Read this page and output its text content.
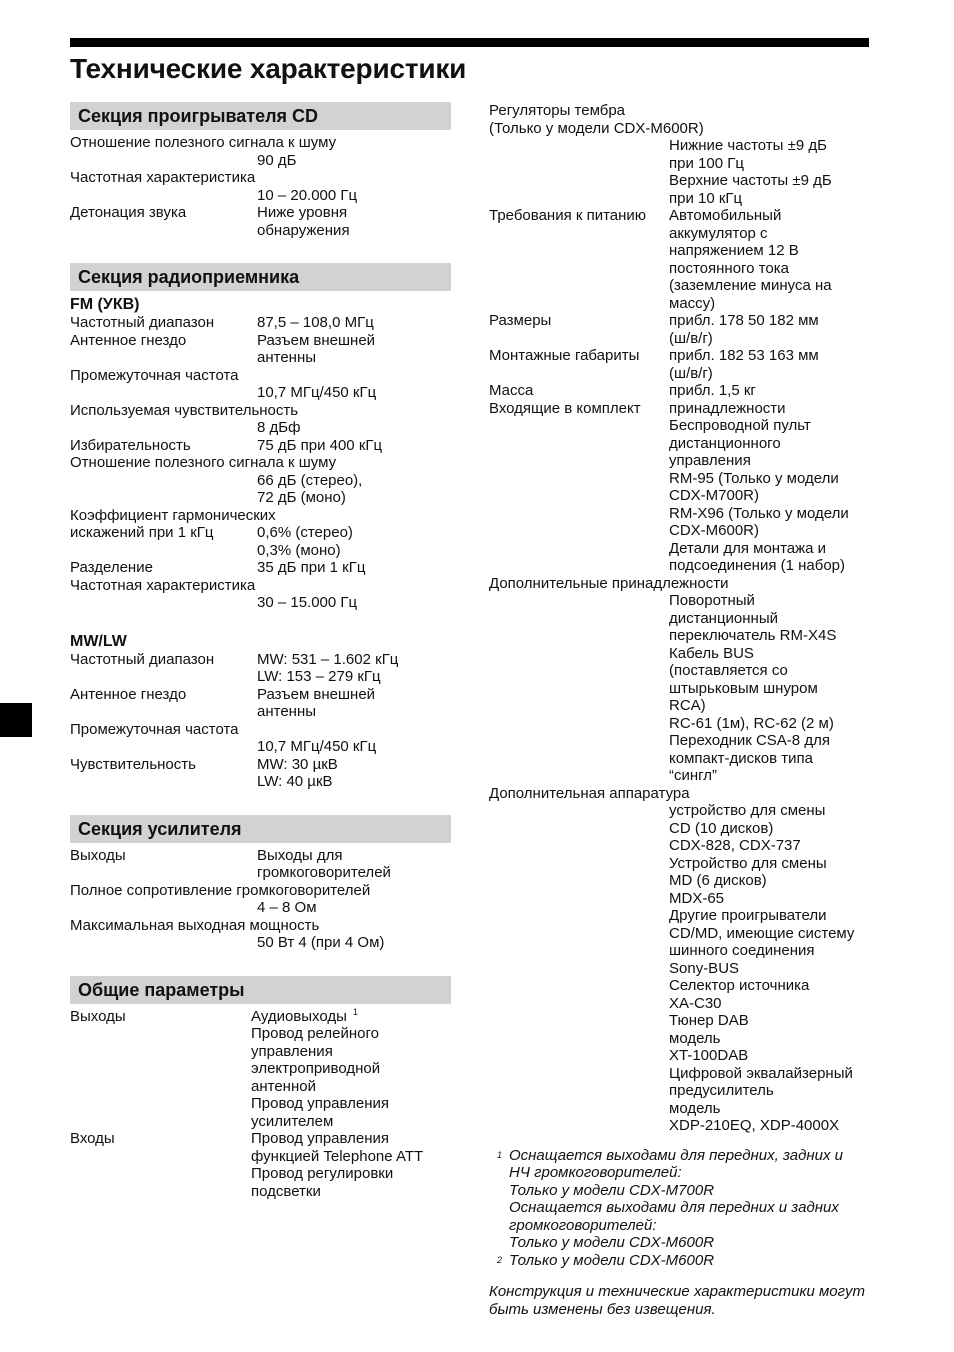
Технические характеристики
Секция проигрывателя CD
Отношение полезного сигнала к шуму
90 дБ
Частотная характеристика
10 – 20.000 Гц
Детонация звука	Ниже уровня
обнаружения
Секция радиоприемника
FM (УКВ)
Частотный диапазон	87,5 – 108,0 МГц
Антенное гнездо	Разъем внешней
антенны
Промежуточная частота
10,7 МГц/450 кГц
Используемая чувствительность
8 дБф
Избирательность	75 дБ при 400 кГц
Отношение полезного сигнала к шуму
66 дБ (стерео),
72 дБ (моно)
Коэффициент гармонических
искажений при 1 кГц	0,6% (стерео)
0,3% (моно)
Разделение	35 дБ при 1 кГц
Частотная характеристика
30 – 15.000 Гц
MW/LW
Частотный диапазон	MW: 531 – 1.602 кГц
LW: 153 – 279 кГц
Антенное гнездо	Разъем внешней
антенны
Промежуточная частота
10,7 МГц/450 кГц
Чувствительность	MW: 30 µкВ
LW: 40 µкВ
Секция усилителя
Выходы	Выходы для
громкоговорителей
Полное сопротивление громкоговорителей
4 – 8 Ом
Максимальная выходная мощность
50 Вт 4 (при 4 Ом)
Общие параметры
Выходы	Аудиовыходы $^1$
Провод релейного
управления
электроприводной
антенной
Провод управления
усилителем
Входы	Провод управления
функцией Telephone ATT
Провод регулировки
подсветки
Регуляторы тембра
(Только у модели CDX-M600R)
Нижние частоты ±9 дБ
при 100 Гц
Верхние частоты ±9 дБ
при 10 кГц
Требования к питанию	Автомобильный
аккумулятор с
напряжением 12 В
постоянного тока
(заземление минуса на
массу)
Размеры	прибл. 178 50 182 мм
(ш/в/г)
Монтажные габариты	прибл. 182 53 163 мм
(ш/в/г)
Масса	прибл. 1,5 кг
Входящие в комплект	принадлежности
Беспроводной пульт
дистанционного
управления
RM-95 (Только у модели
CDX-M700R)
RM-X96 (Только у модели
CDX-M600R)
Детали для монтажа и
подсоединения (1 набор)
Дополнительные принадлежности
Поворотный
дистанционный
переключатель RM-X4S
Кабель BUS
(поставляется со
штырьковым шнуром
RCA)
RC-61 (1м), RC-62 (2 м)
Переходник CSA-8 для
компакт-дисков типа
“сингл”
Дополнительная аппаратура
устройство для смены
CD (10 дисков)
CDX-828, CDX-737
Устройство для смены
MD (6 дисков)
MDX-65
Другие проигрыватели
CD/MD, имеющие систему
шинного соединения
Sony-BUS
Селектор источника
XA-C30
Тюнер DAB
модель
XT-100DAB
Цифровой эквалайзерный
предусилитель
модель
XDP-210EQ, XDP-4000X
1 Оснащается выходами для передних, задних и
НЧ громкоговорителей:
Только у модели CDX-M700R
Оснащается выходами для передних и задних
громкоговорителей:
Только у модели CDX-M600R
2 Только у модели CDX-M600R
Конструкция и технические характеристики могут
быть изменены без извещения.
